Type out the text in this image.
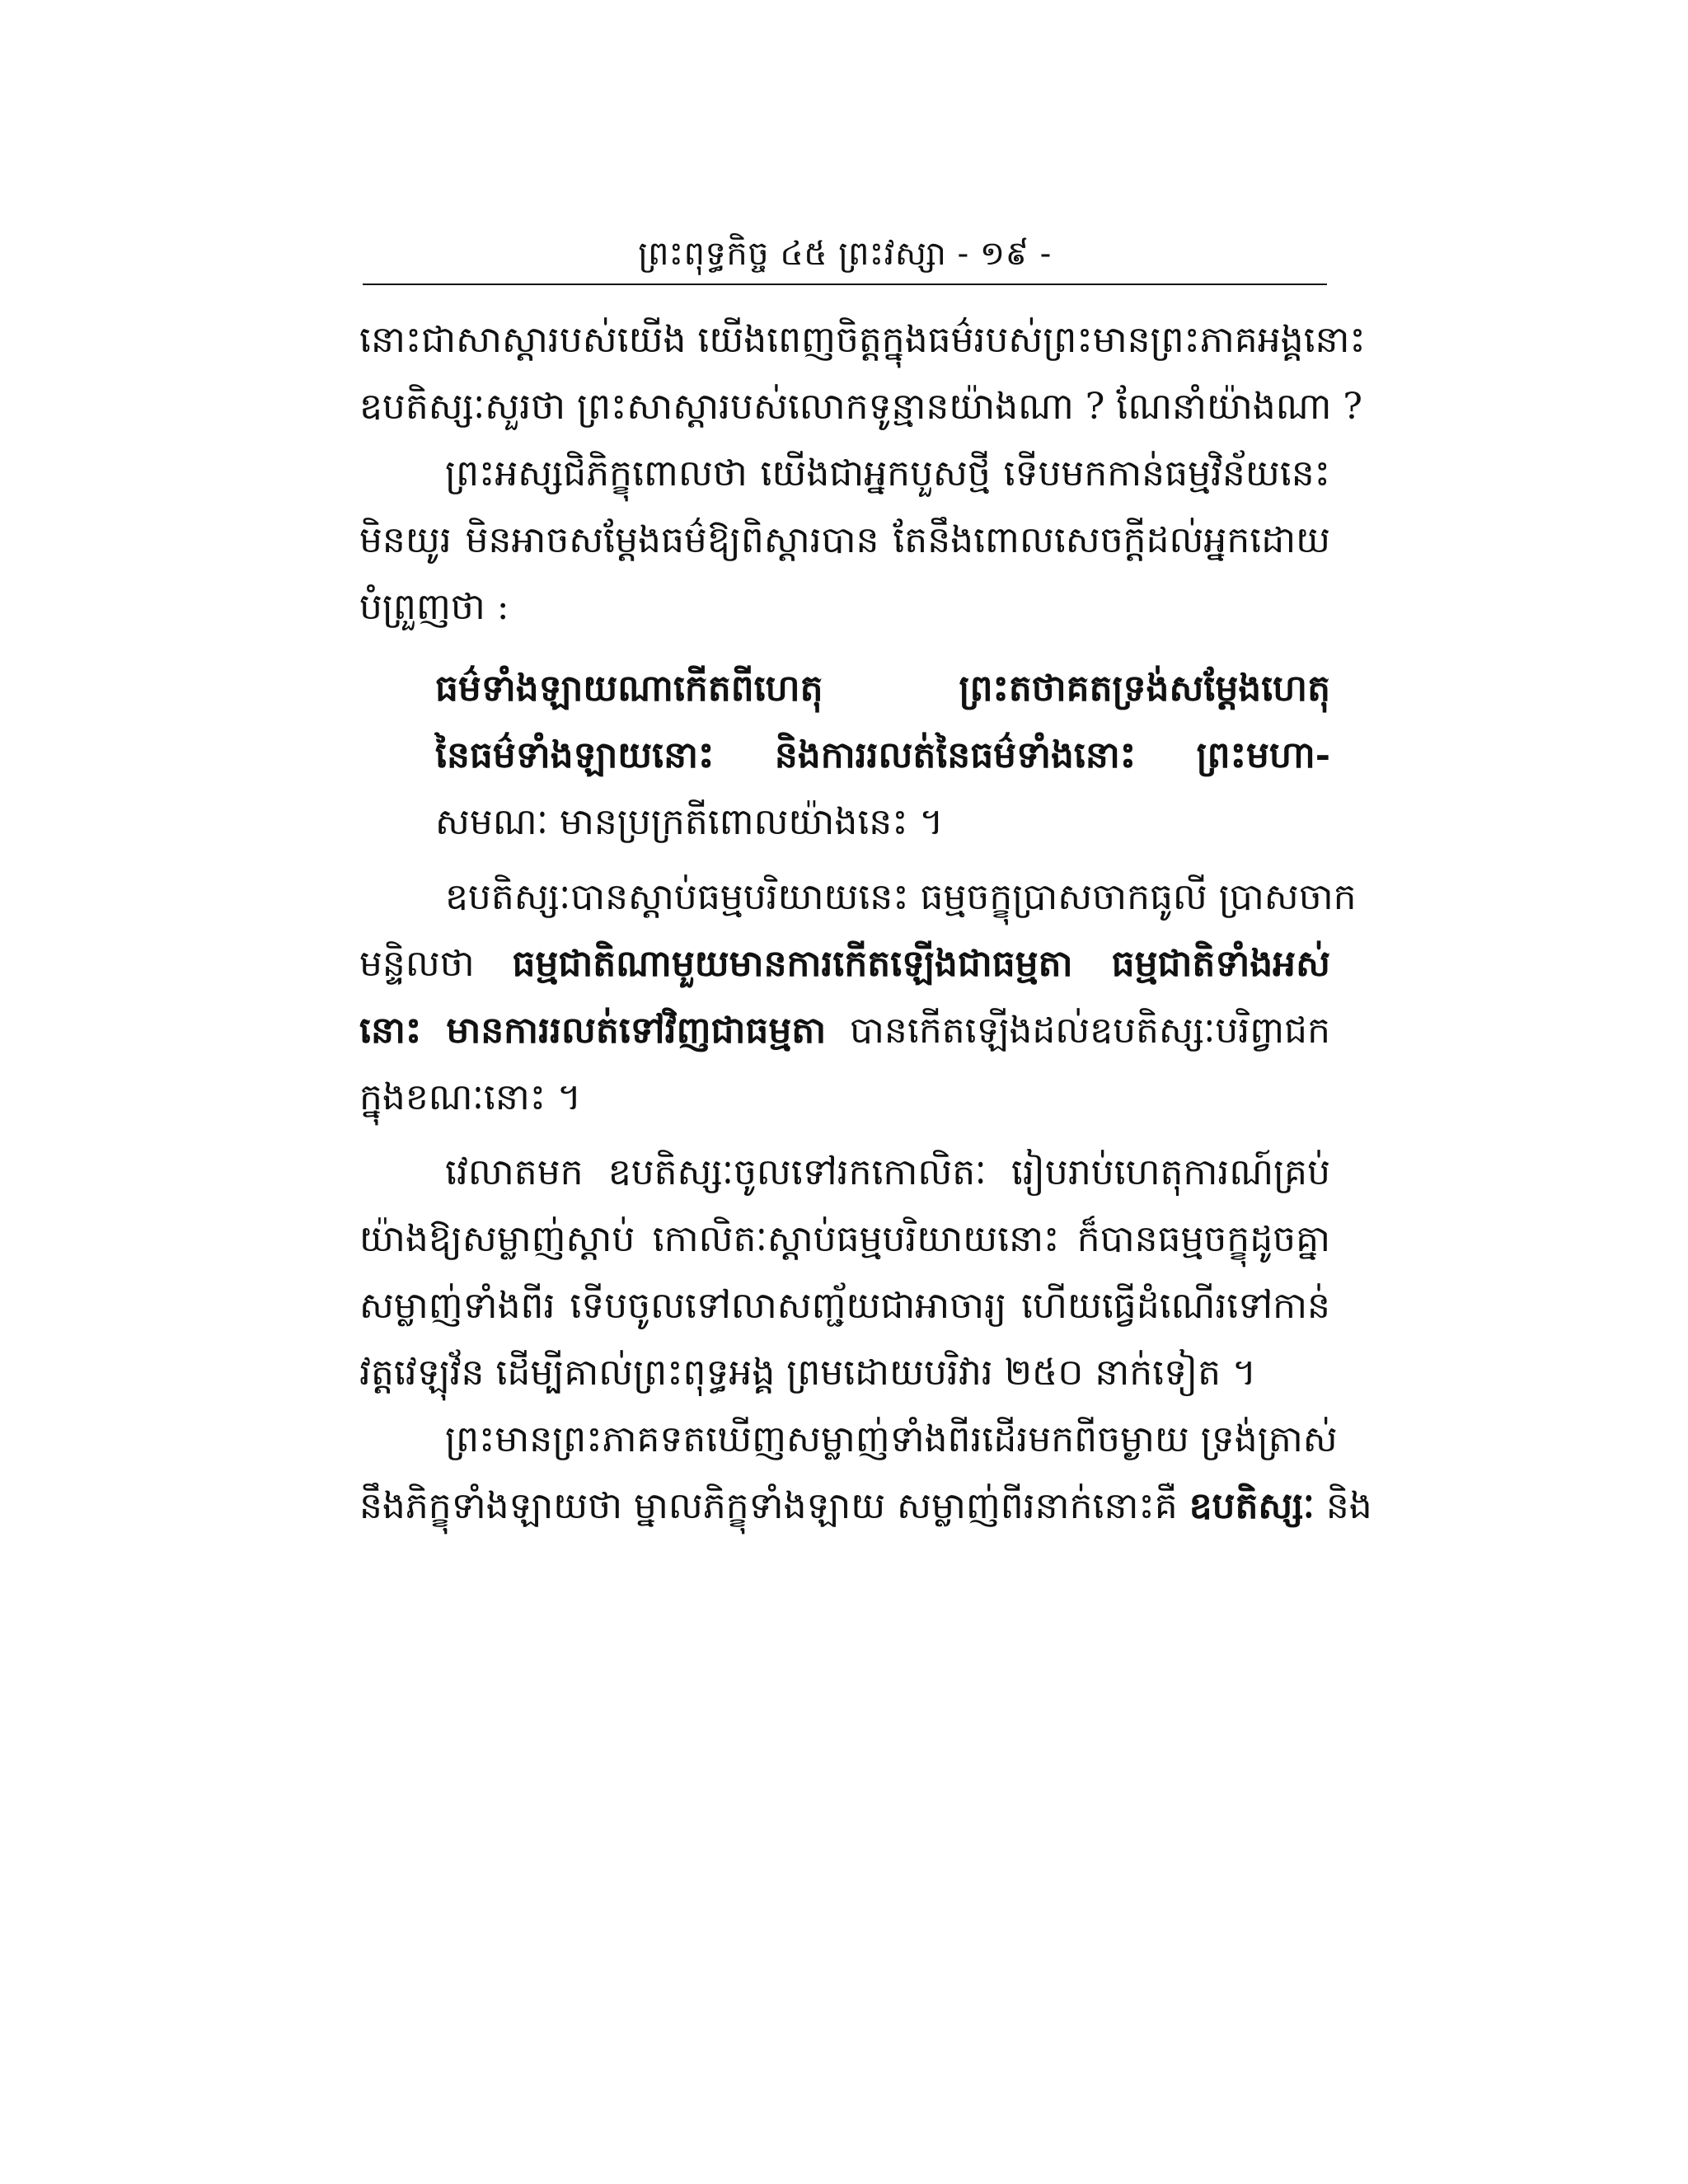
ព្រះពុទ្ធកិច្ច ៤៥ ព្រះវស្សា ‑ ១៩ ‑
នោះជាសាស្តារបស់យើង យើងពេញចិត្តក្នុងធម៌របស់ព្រះមានព្រះភាគអង្គនោះ
ឧបតិស្សៈសួរថា ព្រះសាស្តារបស់លោកទូន្មានយ៉ាងណា ? ណែនាំយ៉ាងណា ?
ព្រះអស្សជិភិក្ខុពោលថា យើងជាអ្នកបួសថ្មី ទើបមកកាន់ធម្មវិន័យនេះ
មិនយូរ មិនអាចសម្តែងធម៌ឱ្យពិស្តារបាន តែនឹងពោលសេចក្តីដល់អ្នកដោយ
បំព្រួញថា :
ធម៌ទាំងឡាយណាកើតពីហេតុ ព្រះតថាគតទ្រង់សម្តែងហេតុ
នៃធម៌ទាំងឡាយនោះ និងការរលត់នៃធម៌ទាំងនោះ ព្រះមហា-
សមណៈ មានប្រក្រតីពោលយ៉ាងនេះ ។
ឧបតិស្សៈបានស្តាប់ធម្មបរិយាយនេះ ធម្មចក្ខុប្រាសចាកធូលី ប្រាសចាក
មន្ទិលថា ធម្មជាតិណាមួយមានការកើតឡើងជាធម្មតា ធម្មជាតិទាំងអស់
នោះ មានការរលត់ទៅវិញជាធម្មតា បានកើតឡើងដល់ឧបតិស្សៈបរិព្វាជក
ក្នុងខណៈនោះ ។
វេលាតមក ឧបតិស្សៈចូលទៅរកកោលិតៈ រៀបរាប់ហេតុការណ៍គ្រប់
យ៉ាងឱ្យសម្លាញ់ស្តាប់ កោលិតៈស្តាប់ធម្មបរិយាយនោះ ក៏បានធម្មចក្ខុដូចគ្នា
សម្លាញ់ទាំងពីរ ទើបចូលទៅលាសញ្ជ័យជាអាចារ្យ ហើយធ្វើដំណើរទៅកាន់
វត្តវេឡុវ័ន ដើម្បីគាល់ព្រះពុទ្ធអង្គ ព្រមដោយបរិវារ ២៥០ នាក់ទៀត ។
ព្រះមានព្រះភាគទតឃើញសម្លាញ់ទាំងពីរដើរមកពីចម្ងាយ ទ្រង់ត្រាស់
នឹងភិក្ខុទាំងឡាយថា ម្នាលភិក្ខុទាំងឡាយ សម្លាញ់ពីរនាក់នោះគឺ ឧបតិស្សៈ និង
